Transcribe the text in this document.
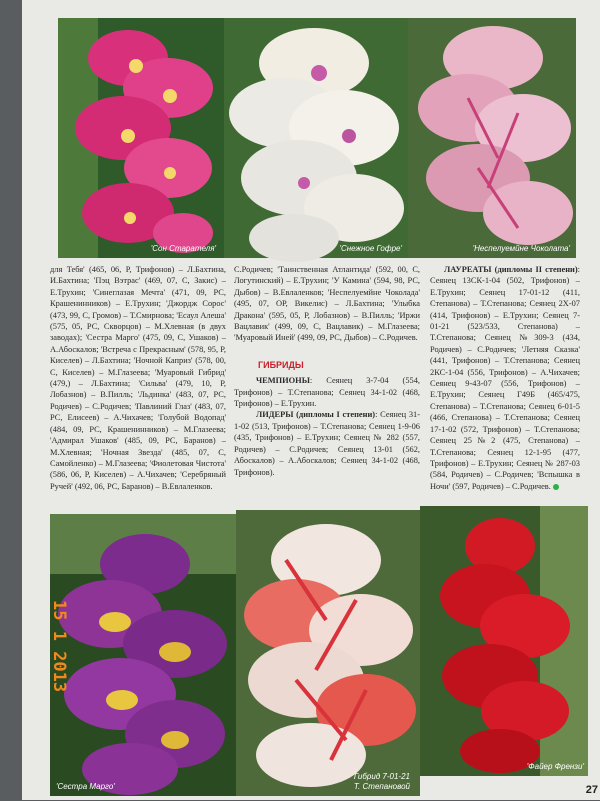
'Сон Старателя'	'Снежное Гофре'	'Неспелуемйне Чоколата'

для Тебя' (465, 06, Р, Трифонов) – Л.Бахтина, И.Бахтина; 'Пэц Вэтрас' (469, 07, С, Закис) – Е.Трухин; 'Синеглазая Мечта' (471, 09, РС, Крашенинников) – Е.Трухин; 'Джордж Сорос' (473, 99, С, Громов) – Т.Смирнова; 'Есаул Алеша' (575, 05, РС, Скворцов) – М.Хлевная (в двух заводах); 'Сестра Марго' (475, 09, С, Ушаков) – А.Абоскалов; 'Встреча с Прекрасным' (578, 95, Р, Киселев) – Л.Бахтина; 'Ночной Каприз' (578, 00, С, Киселев) – М.Глазеева; 'Муаровый Гибрид' (479,) – Л.Бахтина; 'Сильва' (479, 10, Р, Лобазнов) – В.Пилль; 'Льдинка' (483, 07, РС, Родичев) – С.Родичев; 'Павлиний Глаз' (483, 07, РС, Елисеев) – А.Чихачев; 'Голубой Водопад' (484, 09, РС, Крашенинников) – М.Глазеева; 'Адмирал Ушаков' (485, 09, РС, Баранов) – М.Хлевная; 'Ночная Звезда' (485, 07, С, Самойленко) – М.Глазеева; 'Фиолетовая Чистота' (586, 06, Р, Киселев) – А.Чихачев; 'Серебряный Ручей' (492, 06, РС, Баранов) – В.Евлаленков.

С.Родичев; 'Таинственная Атлантида' (592, 00, С, Логутинский) – Е.Трухин; 'У Камина' (594, 98, РС, Дыбов) – В.Евлаленков; 'Неспелуемйне Чоколада' (495, 07, ОР, Викелис) – Л.Бахтина; 'Улыбка Дракона' (595, 05, Р, Лобазнов) – В.Пилль; 'Иржи Вацлавик' (499, 09, С, Вацлавик) – М.Глазеева; 'Муаровый Иней' (499, 09, РС, Дыбов) – С.Родичев.

ГИБРИДЫ

ЧЕМПИОНЫ: Сеянец 3-7-04 (554, Трифонов) – Т.Степанова; Сеянец 34-1-02 (468, Трифонов) – Е.Трухин.

ЛИДЕРЫ (дипломы I степени): Сеянец 31-1-02 (513, Трифонов) – Т.Степанова; Сеянец 1-9-06 (435, Трифонов) – Е.Трухин; Сеянец № 282 (557, Родичев) – С.Родичев; Сеянец 13-01 (562, Абоскалов) – А.Абоскалов; Сеянец 34-1-02 (468, Трифонов).

ЛАУРЕАТЫ (дипломы II степени): Сеянец 13СК-1-04 (502, Трифонов) – Е.Трухин; Сеянец 17-01-12 (411, Степанова) – Т.Степанова; Сеянец 2Х-07 (414, Трифонов) – Е.Трухин; Сеянец 7-01-21 (523/533, Степанова) – Т.Степанова; Сеянец №309-3 (434, Родичев) – С.Родичев; 'Летняя Сказка' (441, Трифонов) – Т.Степанова; Сеянец 2КС-1-04 (556, Трифонов) – А.Чихачев; Сеянец 9-43-07 (556, Трифонов) – Е.Трухин; Сеянец Г49Б (465/475, Степанова) – Т.Степанова; Сеянец 6-01-5 (466, Степанова) – Т.Степанова; Сеянец 17-1-02 (572, Трифонов) – Т.Степанова; Сеянец 25№2 (475, Степанова) – Т.Степанова; Сеянец 12-1-95 (477, Трифонов) – Е.Трухин; Сеянец № 287-03 (584, Родичев) – С.Родичев; 'Вспышка в Ночи' (597, Родичев) – С.Родичев.

'Сестра Марго'
Гибрид 7-01-21
Т. Степановой
'Файер Френзи'
27
15 1 2013
